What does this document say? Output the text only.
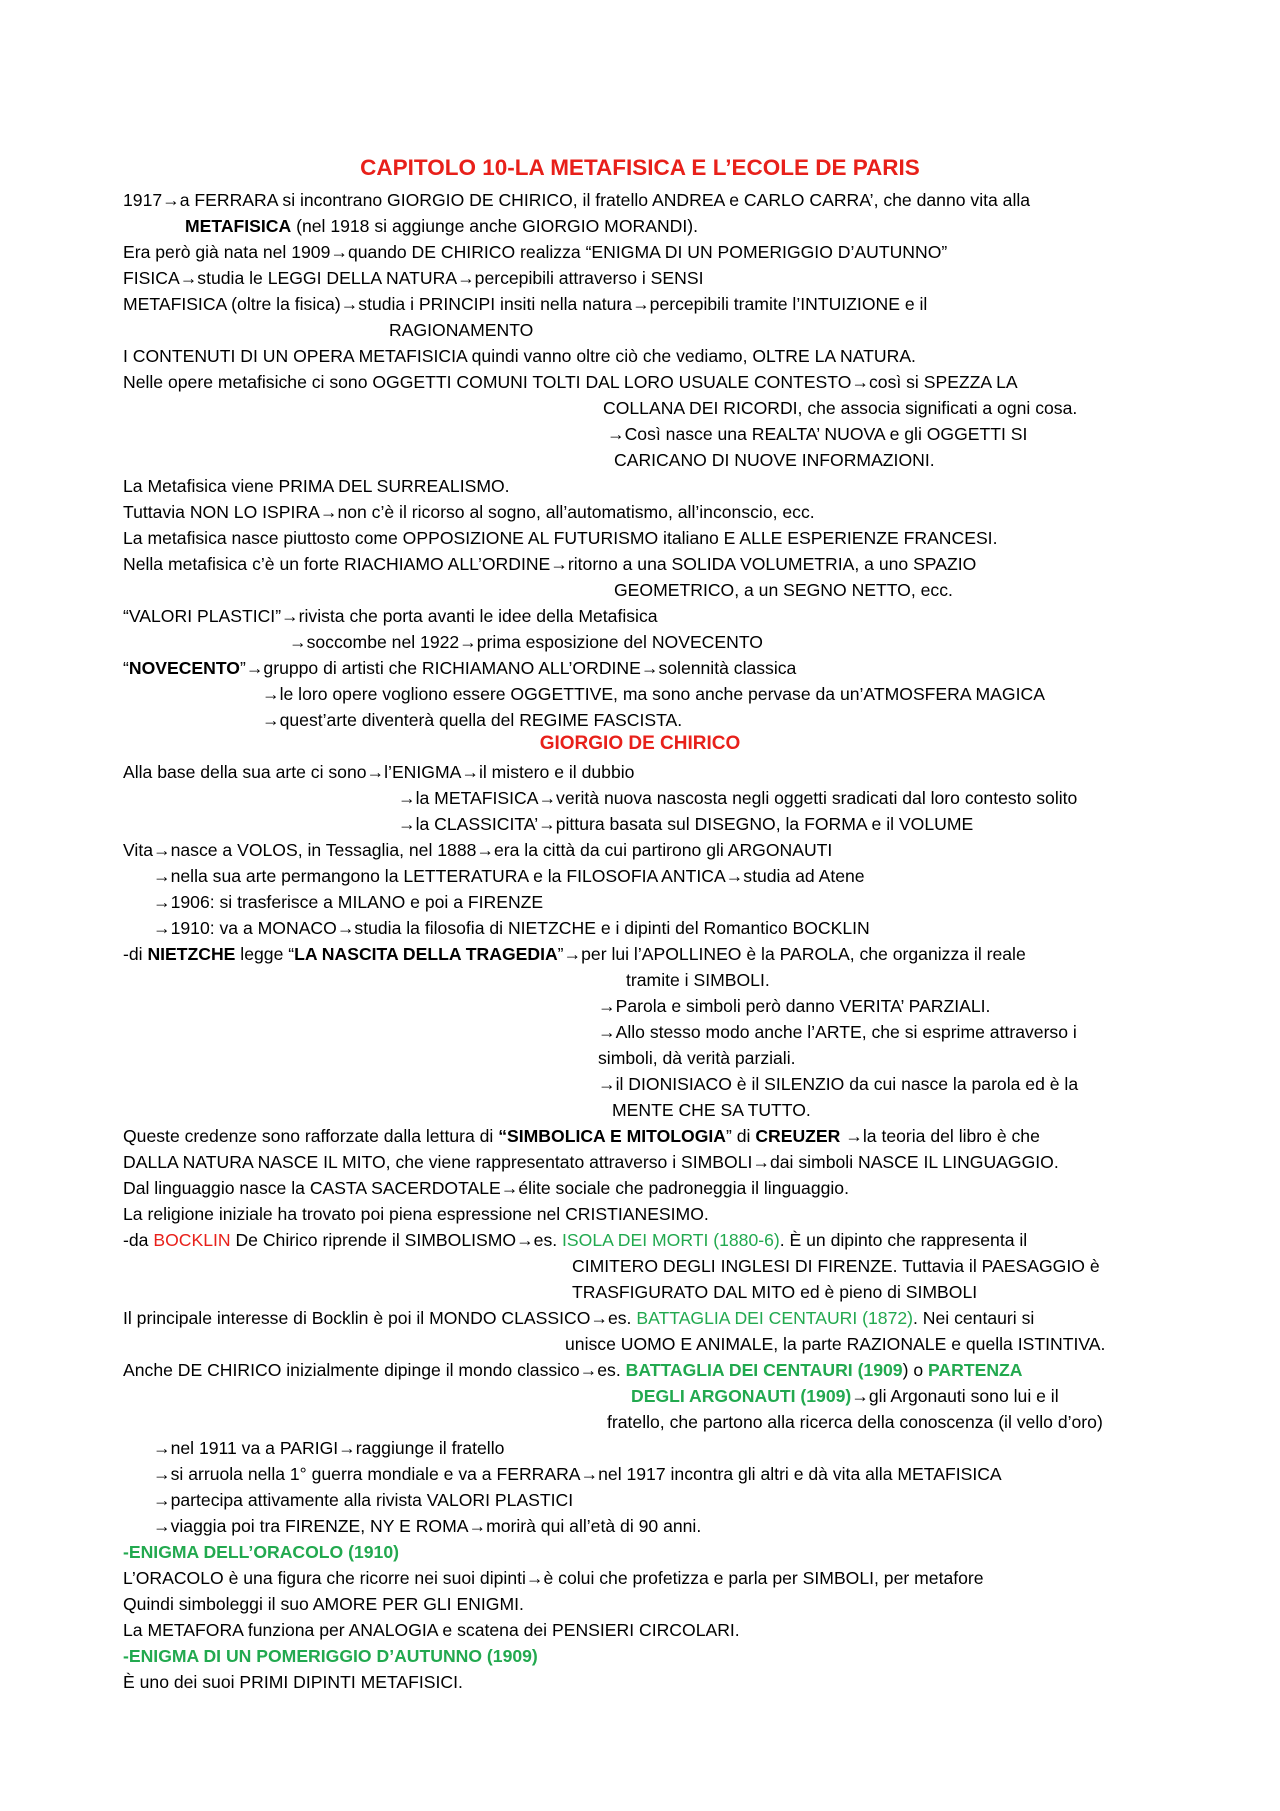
CAPITOLO 10-LA METAFISICA E L’ECOLE DE PARIS
1917→a FERRARA si incontrano GIORGIO DE CHIRICO, il fratello ANDREA e CARLO CARRA’, che danno vita alla
METAFISICA (nel 1918 si aggiunge anche GIORGIO MORANDI).
Era però già nata nel 1909→quando DE CHIRICO realizza “ENIGMA DI UN POMERIGGIO D’AUTUNNO”
FISICA→studia le LEGGI DELLA NATURA→percepibili attraverso i SENSI
METAFISICA (oltre la fisica)→studia i PRINCIPI insiti nella natura→percepibili tramite l’INTUIZIONE e il
RAGIONAMENTO
I CONTENUTI DI UN OPERA METAFISICIA quindi vanno oltre ciò che vediamo, OLTRE LA NATURA.
Nelle opere metafisiche ci sono OGGETTI COMUNI TOLTI DAL LORO USUALE CONTESTO→così si SPEZZA LA
COLLANA DEI RICORDI, che associa significati a ogni cosa.
→Così nasce una REALTA’ NUOVA e gli OGGETTI SI
CARICANO DI NUOVE INFORMAZIONI.
La Metafisica viene PRIMA DEL SURREALISMO.
Tuttavia NON LO ISPIRA→non c’è il ricorso al sogno, all’automatismo, all’inconscio, ecc.
La metafisica nasce piuttosto come OPPOSIZIONE AL FUTURISMO italiano E ALLE ESPERIENZE FRANCESI.
Nella metafisica c’è un forte RIACHIAMO ALL’ORDINE→ritorno a una SOLIDA VOLUMETRIA, a uno SPAZIO
GEOMETRICO, a un SEGNO NETTO, ecc.
“VALORI PLASTICI”→rivista che porta avanti le idee della Metafisica
→soccombe nel 1922→prima esposizione del NOVECENTO
“NOVECENTO”→gruppo di artisti che RICHIAMANO ALL’ORDINE→solennità classica
→le loro opere vogliono essere OGGETTIVE, ma sono anche pervase da un’ATMOSFERA MAGICA
→quest’arte diventerà quella del REGIME FASCISTA.
GIORGIO DE CHIRICO
Alla base della sua arte ci sono→l’ENIGMA→il mistero e il dubbio
→la METAFISICA→verità nuova nascosta negli oggetti sradicati dal loro contesto solito
→la CLASSICITA’→pittura basata sul DISEGNO, la FORMA e il VOLUME
Vita→nasce a VOLOS, in Tessaglia, nel 1888→era la città da cui partirono gli ARGONAUTI
→nella sua arte permangono la LETTERATURA e la FILOSOFIA ANTICA→studia ad Atene
→1906: si trasferisce a MILANO e poi a FIRENZE
→1910: va a MONACO→studia la filosofia di NIETZCHE e i dipinti del Romantico BOCKLIN
-di NIETZCHE legge “LA NASCITA DELLA TRAGEDIA”→per lui l’APOLLINEO è la PAROLA, che organizza il reale
tramite i SIMBOLI.
→Parola e simboli però danno VERITA’ PARZIALI.
→Allo stesso modo anche l’ARTE, che si esprime attraverso i
simboli, dà verità parziali.
→il DIONISIACO è il SILENZIO da cui nasce la parola ed è la
MENTE CHE SA TUTTO.
Queste credenze sono rafforzate dalla lettura di “SIMBOLICA E MITOLOGIA” di CREUZER →la teoria del libro è che
DALLA NATURA NASCE IL MITO, che viene rappresentato attraverso i SIMBOLI→dai simboli NASCE IL LINGUAGGIO.
Dal linguaggio nasce la CASTA SACERDOTALE→élite sociale che padroneggia il linguaggio.
La religione iniziale ha trovato poi piena espressione nel CRISTIANESIMO.
-da BOCKLIN De Chirico riprende il SIMBOLISMO→es. ISOLA DEI MORTI (1880-6). È un dipinto che rappresenta il
CIMITERO DEGLI INGLESI DI FIRENZE. Tuttavia il PAESAGGIO è
TRASFIGURATO DAL MITO ed è pieno di SIMBOLI
Il principale interesse di Bocklin è poi il MONDO CLASSICO→es. BATTAGLIA DEI CENTAURI (1872). Nei centauri si
unisce UOMO E ANIMALE, la parte RAZIONALE e quella ISTINTIVA.
Anche DE CHIRICO inizialmente dipinge il mondo classico→es. BATTAGLIA DEI CENTAURI (1909) o PARTENZA
DEGLI ARGONAUTI (1909)→gli Argonauti sono lui e il
fratello, che partono alla ricerca della conoscenza (il vello d’oro)
→nel 1911 va a PARIGI→raggiunge il fratello
→si arruola nella 1° guerra mondiale e va a FERRARA→nel 1917 incontra gli altri e dà vita alla METAFISICA
→partecipa attivamente alla rivista VALORI PLASTICI
→viaggia poi tra FIRENZE, NY E ROMA→morirà qui all’età di 90 anni.
-ENIGMA DELL’ORACOLO (1910)
L’ORACOLO è una figura che ricorre nei suoi dipinti→è colui che profetizza e parla per SIMBOLI, per metafore
Quindi simboleggi il suo AMORE PER GLI ENIGMI.
La METAFORA funziona per ANALOGIA e scatena dei PENSIERI CIRCOLARI.
-ENIGMA DI UN POMERIGGIO D’AUTUNNO (1909)
È uno dei suoi PRIMI DIPINTI METAFISICI.
